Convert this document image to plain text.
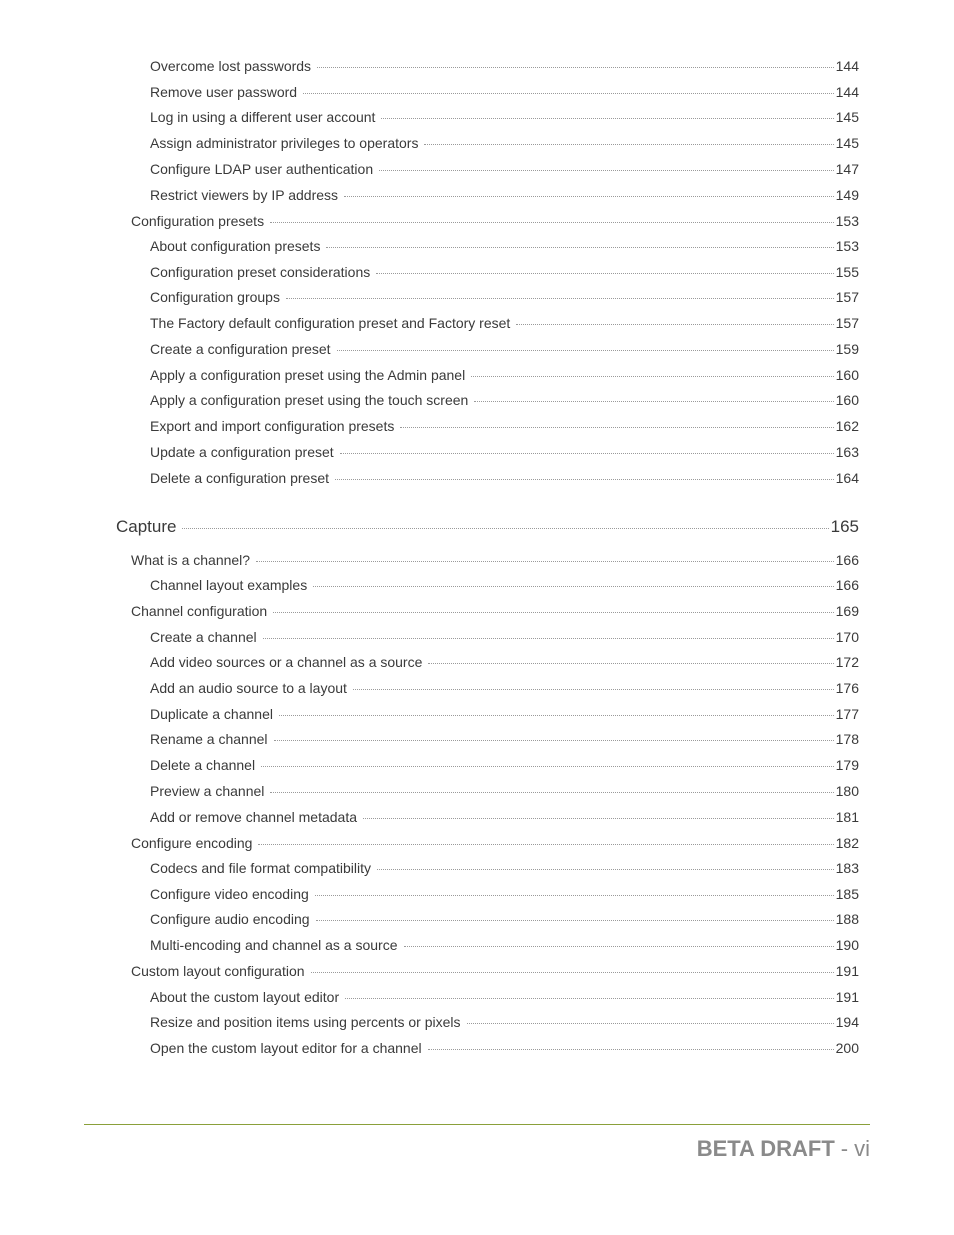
Overcome lost passwords	144
Remove user password	144
Log in using a different user account	145
Assign administrator privileges to operators	145
Configure LDAP user authentication	147
Restrict viewers by IP address	149
Configuration presets	153
About configuration presets	153
Configuration preset considerations	155
Configuration groups	157
The Factory default configuration preset and Factory reset	157
Create a configuration preset	159
Apply a configuration preset using the Admin panel	160
Apply a configuration preset using the touch screen	160
Export and import configuration presets	162
Update a configuration preset	163
Delete a configuration preset	164
Capture	165
What is a channel?	166
Channel layout examples	166
Channel configuration	169
Create a channel	170
Add video sources or a channel as a source	172
Add an audio source to a layout	176
Duplicate a channel	177
Rename a channel	178
Delete a channel	179
Preview a channel	180
Add or remove channel metadata	181
Configure encoding	182
Codecs and file format compatibility	183
Configure video encoding	185
Configure audio encoding	188
Multi-encoding and channel as a source	190
Custom layout configuration	191
About the custom layout editor	191
Resize and position items using percents or pixels	194
Open the custom layout editor for a channel	200
BETA DRAFT - vi
